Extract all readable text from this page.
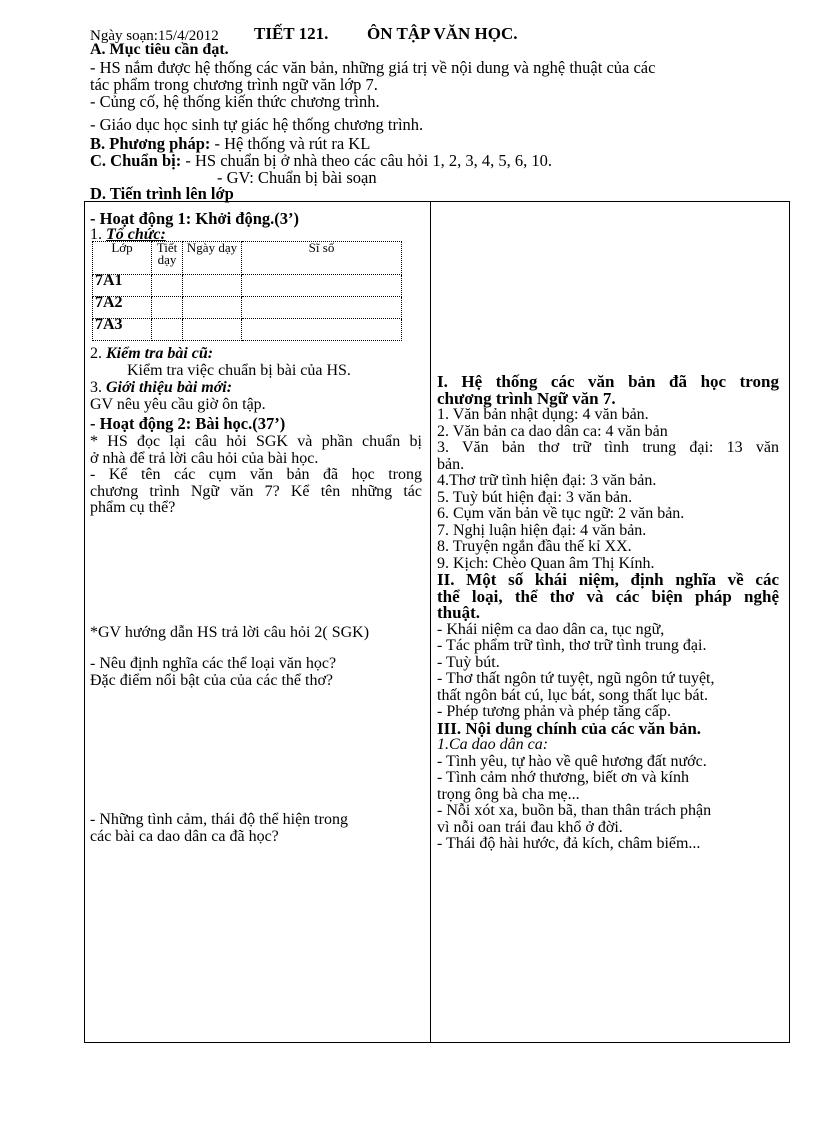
Ngày soạn:15/4/2012 TIẾT 121. ÔN TẬP VĂN HỌC.
A. Mục tiêu cần đạt.
- HS nắm được hệ thống các văn bản, những giá trị về nội dung và nghệ thuật của các
tác phẩm trong chương trình ngữ văn lớp 7.
- Củng cố, hệ thống kiến thức chương trình.
- Giáo dục học sinh tự giác hệ thống chương trình.
B. Phương pháp: - Hệ thống và rút ra KL
C. Chuẩn bị: - HS chuẩn bị ở nhà theo các câu hỏi 1, 2, 3, 4, 5, 6, 10.
- GV: Chuẩn bị bài soạn
D. Tiến trình lên lớp
- Hoạt động 1: Khởi động.(3’)
1. Tổ chức:
Lớp	Tiết dạy	Ngày dạy	Sĩ số
7A1			
7A2			
7A3			
2. Kiểm tra bài cũ:
Kiểm tra việc chuẩn bị bài của HS.
3. Giới thiệu bài mới:
GV nêu yêu cầu giờ ôn tập.
- Hoạt động 2: Bài học.(37’)
* HS đọc lại câu hỏi SGK và phần chuẩn bị
ở nhà để trả lời câu hỏi của bài học.
- Kể tên các cụm văn bản đã học trong
chương trình Ngữ văn 7? Kể tên những tác
phẩm cụ thể?
*GV hướng dẫn HS trả lời câu hỏi 2( SGK)
- Nêu định nghĩa các thể loại văn học?
Đặc điểm nổi bật của của các thể thơ?
- Những tình cảm, thái độ thể hiện trong
các bài ca dao dân ca đã học?
I. Hệ thống các văn bản đã học trong
chương trình Ngữ văn 7.
1. Văn bản nhật dụng: 4 văn bản.
2. Văn bản ca dao dân ca: 4 văn bản
3. Văn bản thơ trữ tình trung đại: 13 văn
bản.
4.Thơ trữ tình hiện đại: 3 văn bản.
5. Tuỳ bút hiện đại: 3 văn bản.
6. Cụm văn bản về tục ngữ: 2 văn bản.
7. Nghị luận hiện đại: 4 văn bản.
8. Truyện ngắn đầu thế kỉ XX.
9. Kịch: Chèo Quan âm Thị Kính.
II. Một số khái niệm, định nghĩa về các
thể loại, thể thơ và các biện pháp nghệ
thuật.
- Khái niệm ca dao dân ca, tục ngữ,
- Tác phẩm trữ tình, thơ trữ tình trung đại.
- Tuỳ bút.
- Thơ thất ngôn tứ tuyệt, ngũ ngôn tứ tuyệt,
thất ngôn bát cú, lục bát, song thất lục bát.
- Phép tương phản và phép tăng cấp.
III. Nội dung chính của các văn bản.
1.Ca dao dân ca:
- Tình yêu, tự hào về quê hương đất nước.
- Tình cảm nhớ thương, biết ơn và kính
trọng ông bà cha mẹ...
- Nỗi xót xa, buồn bã, than thân trách phận
vì nỗi oan trái đau khổ ở đời.
- Thái độ hài hước, đả kích, châm biếm...
